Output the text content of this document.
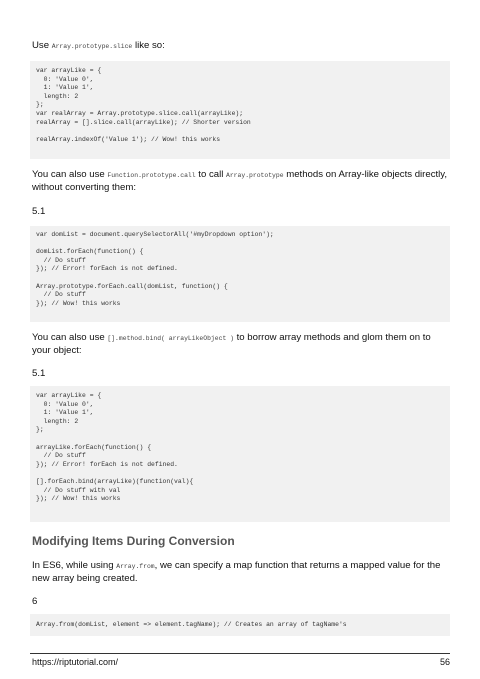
Use Array.prototype.slice like so:
var arrayLike = {
0: 'Value 0',
1: 'Value 1',
length: 2
};
var realArray = Array.prototype.slice.call(arrayLike);
realArray = [].slice.call(arrayLike); // Shorter version

realArray.indexOf('Value 1'); // Wow! this works
You can also use Function.prototype.call to call Array.prototype methods on Array-like objects directly, without converting them:
5.1
var domList = document.querySelectorAll('#myDropdown option');

domList.forEach(function() {
// Do stuff
}); // Error! forEach is not defined.

Array.prototype.forEach.call(domList, function() {
// Do stuff
}); // Wow! this works
You can also use [].method.bind( arrayLikeObject ) to borrow array methods and glom them on to your object:
5.1
var arrayLike = {
0: 'Value 0',
1: 'Value 1',
length: 2
};

arrayLike.forEach(function() {
// Do stuff
}); // Error! forEach is not defined.

[].forEach.bind(arrayLike)(function(val){
// Do stuff with val
}); // Wow! this works
Modifying Items During Conversion
In ES6, while using Array.from, we can specify a map function that returns a mapped value for the new array being created.
6
Array.from(domList, element => element.tagName); // Creates an array of tagName's
https://riptutorial.com/	56
